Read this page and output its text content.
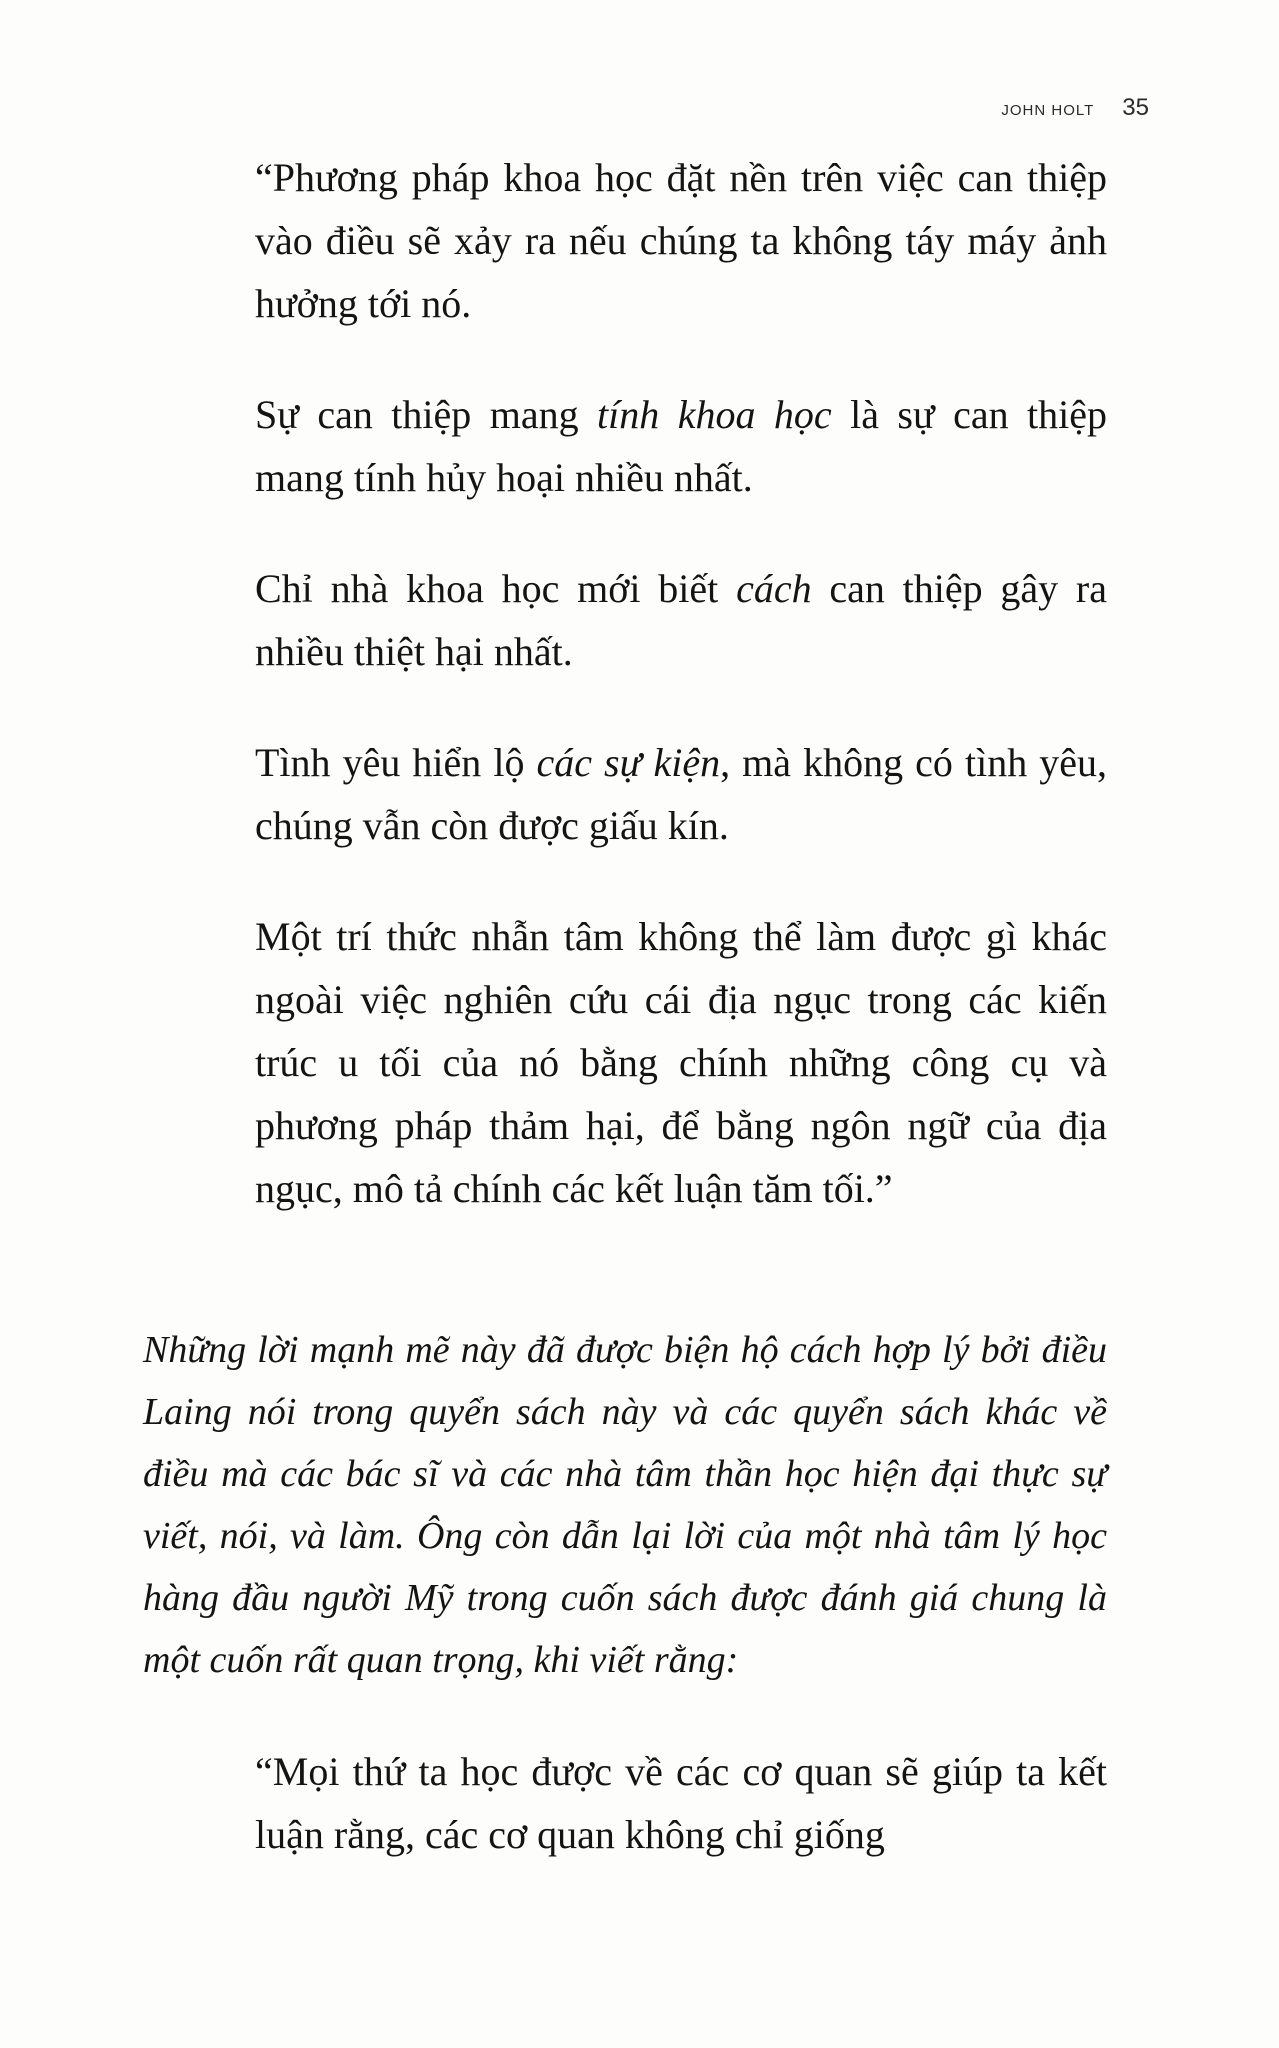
JOHN HOLT 35

“Phương pháp khoa học đặt nền trên việc can thiệp vào điều sẽ xảy ra nếu chúng ta không táy máy ảnh hưởng tới nó.

Sự can thiệp mang tính khoa học là sự can thiệp mang tính hủy hoại nhiều nhất.

Chỉ nhà khoa học mới biết cách can thiệp gây ra nhiều thiệt hại nhất.

Tình yêu hiển lộ các sự kiện, mà không có tình yêu, chúng vẫn còn được giấu kín.

Một trí thức nhẫn tâm không thể làm được gì khác ngoài việc nghiên cứu cái địa ngục trong các kiến trúc u tối của nó bằng chính những công cụ và phương pháp thảm hại, để bằng ngôn ngữ của địa ngục, mô tả chính các kết luận tăm tối.”

Những lời mạnh mẽ này đã được biện hộ cách hợp lý bởi điều Laing nói trong quyển sách này và các quyển sách khác về điều mà các bác sĩ và các nhà tâm thần học hiện đại thực sự viết, nói, và làm. Ông còn dẫn lại lời của một nhà tâm lý học hàng đầu người Mỹ trong cuốn sách được đánh giá chung là một cuốn rất quan trọng, khi viết rằng:

“Mọi thứ ta học được về các cơ quan sẽ giúp ta kết luận rằng, các cơ quan không chỉ giống
